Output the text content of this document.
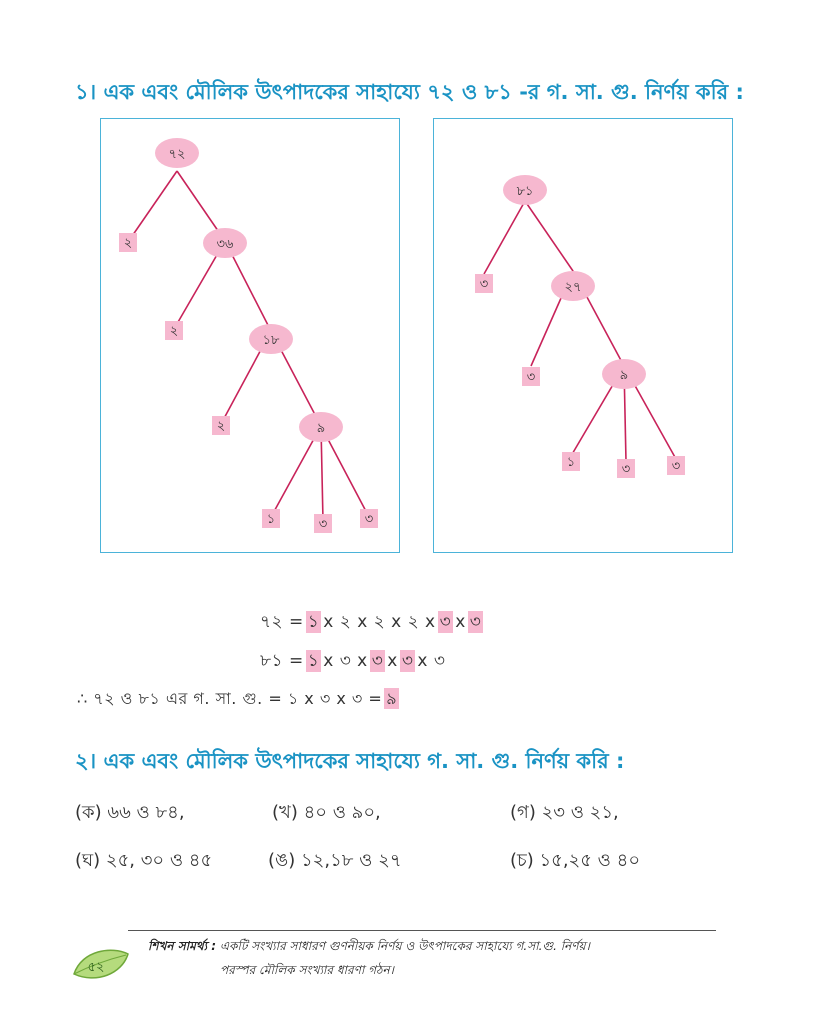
১। এক এবং মৌলিক উৎপাদকের সাহায্যে ৭২ ও ৮১ -র গ. সা. গু. নির্ণয় করি :
৭২
২	৩৬
২
১৮
২	৯
১	৩	৩
৮১
৩	২৭
৩	৯
১	৩	৩
৭২ = ১ x ২ x ২ x ২ x ৩ x ৩
৮১ = ১ x ৩ x ৩ x ৩ x ৩
∴ ৭২ ও ৮১ এর গ. সা. গু. = ১ x ৩ x ৩ = ৯
২। এক এবং মৌলিক উৎপাদকের সাহায্যে গ. সা. গু. নির্ণয় করি :
(ক) ৬৬ ও ৮৪,	(খ) ৪০ ও ৯০,	(গ) ২৩ ও ২১,
(ঘ) ২৫, ৩০ ও ৪৫	(ঙ) ১২,১৮ ও ২৭	(চ) ১৫,২৫ ও ৪০
শিখন সামর্থ্য : একটি সংখ্যার সাধারণ গুণনীয়ক নির্ণয় ও উৎপাদকের সাহায্যে গ.সা.গু. নির্ণয়।
পরস্পর মৌলিক সংখ্যার ধারণা গঠন।
৫২
